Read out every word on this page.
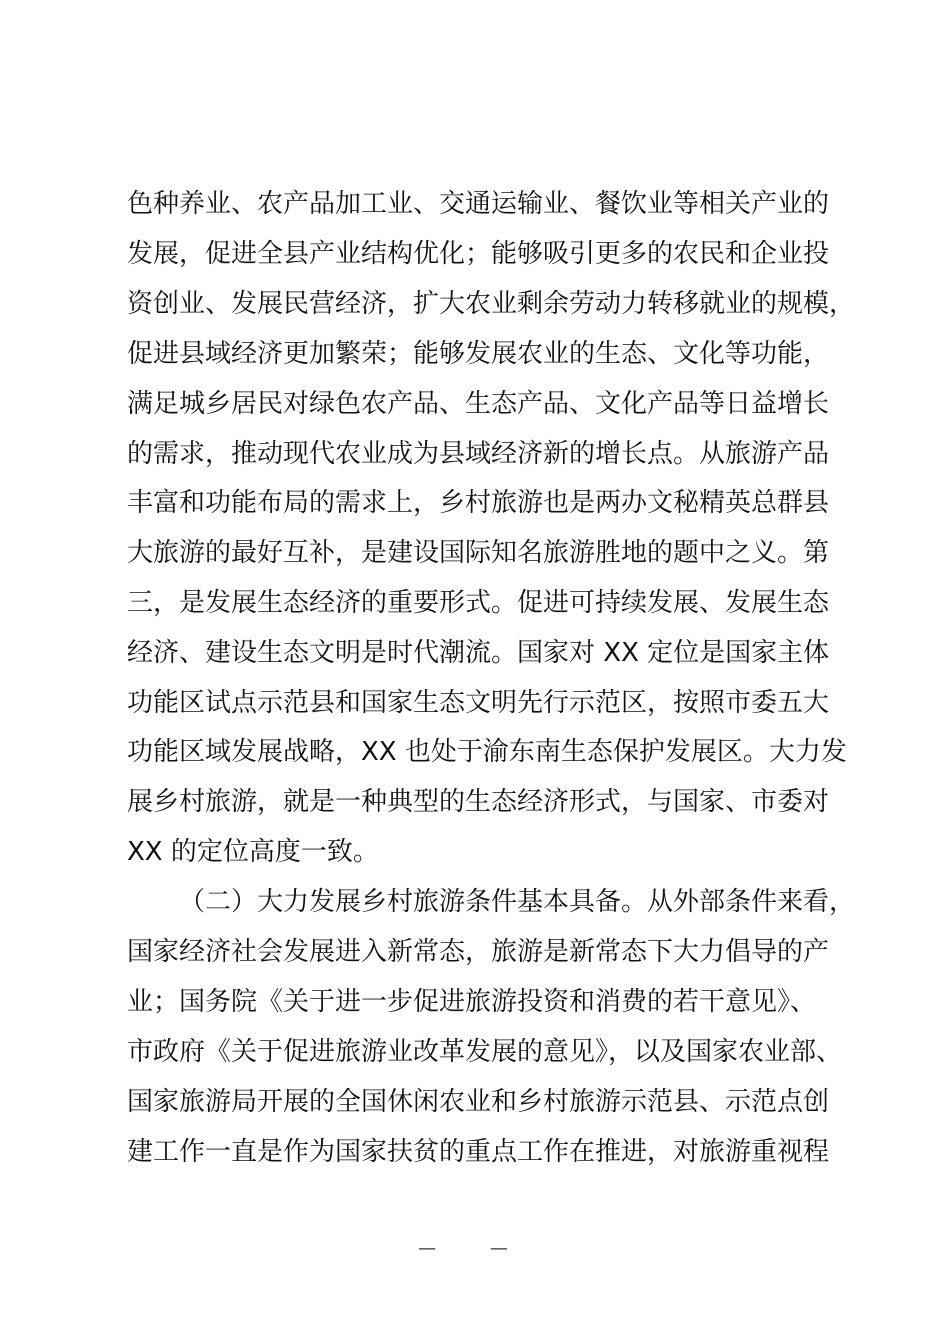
色种养业、农产品加工业、交通运输业、餐饮业等相关产业的
发展，促进全县产业结构优化；能够吸引更多的农民和企业投
资创业、发展民营经济，扩大农业剩余劳动力转移就业的规模，
促进县域经济更加繁荣；能够发展农业的生态、文化等功能，
满足城乡居民对绿色农产品、生态产品、文化产品等日益增长
的需求，推动现代农业成为县域经济新的增长点。从旅游产品
丰富和功能布局的需求上，乡村旅游也是两办文秘精英总群县
大旅游的最好互补，是建设国际知名旅游胜地的题中之义。第
三，是发展生态经济的重要形式。促进可持续发展、发展生态
经济、建设生态文明是时代潮流。国家对 XX 定位是国家主体
功能区试点示范县和国家生态文明先行示范区，按照市委五大
功能区域发展战略，XX 也处于渝东南生态保护发展区。大力发
展乡村旅游，就是一种典型的生态经济形式，与国家、市委对
XX 的定位高度一致。
（二）大力发展乡村旅游条件基本具备。从外部条件来看，
国家经济社会发展进入新常态，旅游是新常态下大力倡导的产
业；国务院《关于进一步促进旅游投资和消费的若干意见》、
市政府《关于促进旅游业改革发展的意见》，以及国家农业部、
国家旅游局开展的全国休闲农业和乡村旅游示范县、示范点创
建工作一直是作为国家扶贫的重点工作在推进，对旅游重视程
— —
